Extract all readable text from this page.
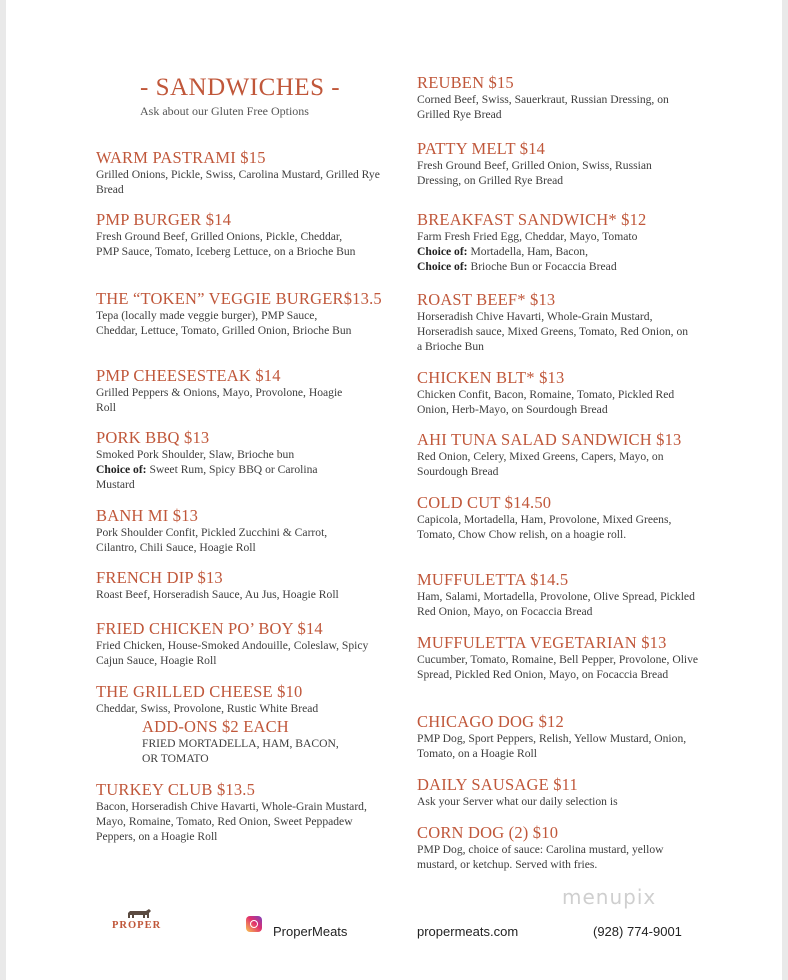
- SANDWICHES -
Ask about our Gluten Free Options
WARM PASTRAMI $15
Grilled Onions, Pickle, Swiss, Carolina Mustard, Grilled Rye Bread
PMP BURGER $14
Fresh Ground Beef, Grilled Onions, Pickle, Cheddar, PMP Sauce, Tomato, Iceberg Lettuce, on a Brioche Bun
THE “TOKEN” VEGGIE BURGER$13.5
Tepa (locally made veggie burger), PMP Sauce, Cheddar, Lettuce, Tomato, Grilled Onion, Brioche Bun
PMP CHEESESTEAK $14
Grilled Peppers & Onions, Mayo, Provolone, Hoagie Roll
PORK BBQ $13
Smoked Pork Shoulder, Slaw, Brioche bun
Choice of: Sweet Rum, Spicy BBQ or Carolina Mustard
BANH MI $13
Pork Shoulder Confit, Pickled Zucchini & Carrot, Cilantro, Chili Sauce, Hoagie Roll
FRENCH DIP $13
Roast Beef, Horseradish Sauce, Au Jus, Hoagie Roll
FRIED CHICKEN PO’ BOY $14
Fried Chicken, House-Smoked Andouille, Coleslaw, Spicy Cajun Sauce, Hoagie Roll
THE GRILLED CHEESE $10
Cheddar, Swiss, Provolone, Rustic White Bread
ADD-ONS $2 EACH
FRIED MORTADELLA, HAM, BACON, OR TOMATO
TURKEY CLUB $13.5
Bacon, Horseradish Chive Havarti, Whole-Grain Mustard, Mayo, Romaine, Tomato, Red Onion, Sweet Peppadew Peppers, on a Hoagie Roll
REUBEN $15
Corned Beef, Swiss, Sauerkraut, Russian Dressing, on Grilled Rye Bread
PATTY MELT $14
Fresh Ground Beef, Grilled Onion, Swiss, Russian Dressing, on Grilled Rye Bread
BREAKFAST SANDWICH* $12
Farm Fresh Fried Egg, Cheddar, Mayo, Tomato
Choice of: Mortadella, Ham, Bacon,
Choice of: Brioche Bun or Focaccia Bread
ROAST BEEF* $13
Horseradish Chive Havarti, Whole-Grain Mustard, Horseradish sauce, Mixed Greens, Tomato, Red Onion, on a Brioche Bun
CHICKEN BLT* $13
Chicken Confit, Bacon, Romaine, Tomato, Pickled Red Onion, Herb-Mayo, on Sourdough Bread
AHI TUNA SALAD SANDWICH $13
Red Onion, Celery, Mixed Greens, Capers, Mayo, on Sourdough Bread
COLD CUT $14.50
Capicola, Mortadella, Ham, Provolone, Mixed Greens, Tomato, Chow Chow relish, on a hoagie roll.
MUFFULETTA $14.5
Ham, Salami, Mortadella, Provolone, Olive Spread, Pickled Red Onion, Mayo, on Focaccia Bread
MUFFULETTA VEGETARIAN $13
Cucumber, Tomato, Romaine, Bell Pepper, Provolone, Olive Spread, Pickled Red Onion, Mayo, on Focaccia Bread
CHICAGO DOG $12
PMP Dog, Sport Peppers, Relish, Yellow Mustard, Onion, Tomato, on a Hoagie Roll
DAILY SAUSAGE $11
Ask your Server what our daily selection is
CORN DOG (2) $10
PMP Dog, choice of sauce: Carolina mustard, yellow mustard, or ketchup. Served with fries.
PROPER	ProperMeats	propermeats.com	(928) 774-9001
menupix
